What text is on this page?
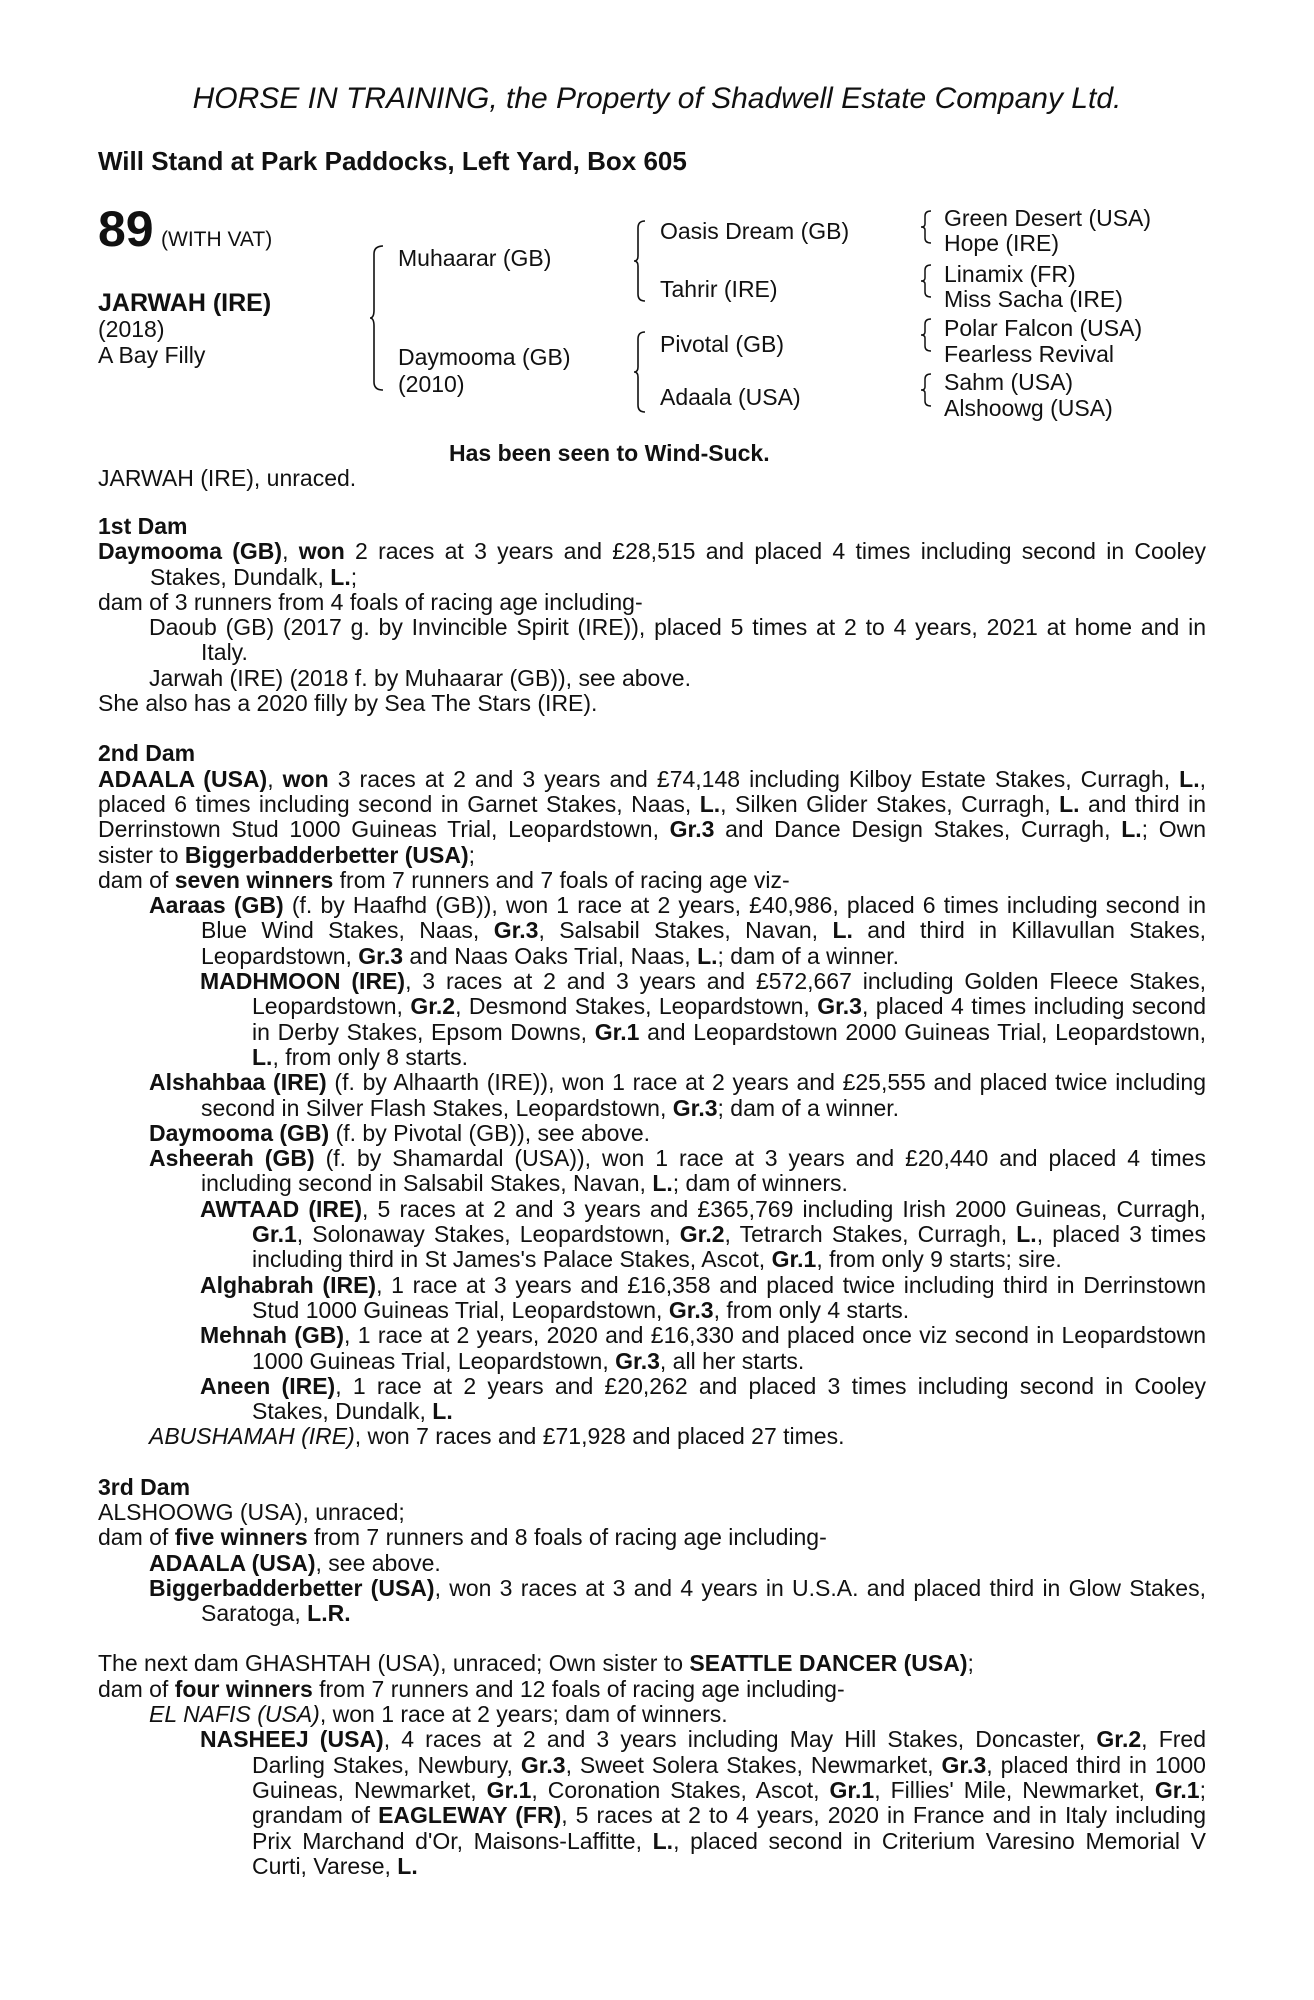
HORSE IN TRAINING, the Property of Shadwell Estate Company Ltd.
Will Stand at Park Paddocks, Left Yard, Box 605
89 (WITH VAT)
JARWAH (IRE)
(2018)
A Bay Filly
Muhaarar (GB)
Daymooma (GB)
(2010)
Oasis Dream (GB)
Tahrir (IRE)
Pivotal (GB)
Adaala (USA)
Green Desert (USA)
Hope (IRE)
Linamix (FR)
Miss Sacha (IRE)
Polar Falcon (USA)
Fearless Revival
Sahm (USA)
Alshoowg (USA)
Has been seen to Wind-Suck.
JARWAH (IRE), unraced.

1st Dam

Daymooma (GB), won 2 races at 3 years and £28,515 and placed 4 times including second in Cooley Stakes, Dundalk, L.;

dam of 3 runners from 4 foals of racing age including-

Daoub (GB) (2017 g. by Invincible Spirit (IRE)), placed 5 times at 2 to 4 years, 2021 at home and in Italy.

Jarwah (IRE) (2018 f. by Muhaarar (GB)), see above.

She also has a 2020 filly by Sea The Stars (IRE).

2nd Dam

ADAALA (USA), won 3 races at 2 and 3 years and £74,148 including Kilboy Estate Stakes, Curragh, L., placed 6 times including second in Garnet Stakes, Naas, L., Silken Glider Stakes, Curragh, L. and third in Derrinstown Stud 1000 Guineas Trial, Leopardstown, Gr.3 and Dance Design Stakes, Curragh, L.; Own sister to Biggerbadderbetter (USA);

dam of seven winners from 7 runners and 7 foals of racing age viz-

Aaraas (GB) (f. by Haafhd (GB)), won 1 race at 2 years, £40,986, placed 6 times including second in Blue Wind Stakes, Naas, Gr.3, Salsabil Stakes, Navan, L. and third in Killavullan Stakes, Leopardstown, Gr.3 and Naas Oaks Trial, Naas, L.; dam of a winner.

MADHMOON (IRE), 3 races at 2 and 3 years and £572,667 including Golden Fleece Stakes, Leopardstown, Gr.2, Desmond Stakes, Leopardstown, Gr.3, placed 4 times including second in Derby Stakes, Epsom Downs, Gr.1 and Leopardstown 2000 Guineas Trial, Leopardstown, L., from only 8 starts.

Alshahbaa (IRE) (f. by Alhaarth (IRE)), won 1 race at 2 years and £25,555 and placed twice including second in Silver Flash Stakes, Leopardstown, Gr.3; dam of a winner.

Daymooma (GB) (f. by Pivotal (GB)), see above.

Asheerah (GB) (f. by Shamardal (USA)), won 1 race at 3 years and £20,440 and placed 4 times including second in Salsabil Stakes, Navan, L.; dam of winners.

AWTAAD (IRE), 5 races at 2 and 3 years and £365,769 including Irish 2000 Guineas, Curragh, Gr.1, Solonaway Stakes, Leopardstown, Gr.2, Tetrarch Stakes, Curragh, L., placed 3 times including third in St James's Palace Stakes, Ascot, Gr.1, from only 9 starts; sire.

Alghabrah (IRE), 1 race at 3 years and £16,358 and placed twice including third in Derrinstown Stud 1000 Guineas Trial, Leopardstown, Gr.3, from only 4 starts.

Mehnah (GB), 1 race at 2 years, 2020 and £16,330 and placed once viz second in Leopardstown 1000 Guineas Trial, Leopardstown, Gr.3, all her starts.

Aneen (IRE), 1 race at 2 years and £20,262 and placed 3 times including second in Cooley Stakes, Dundalk, L.

ABUSHAMAH (IRE), won 7 races and £71,928 and placed 27 times.

3rd Dam

ALSHOOWG (USA), unraced;

dam of five winners from 7 runners and 8 foals of racing age including-

ADAALA (USA), see above.

Biggerbadderbetter (USA), won 3 races at 3 and 4 years in U.S.A. and placed third in Glow Stakes, Saratoga, L.R.

The next dam GHASHTAH (USA), unraced; Own sister to SEATTLE DANCER (USA);

dam of four winners from 7 runners and 12 foals of racing age including-

EL NAFIS (USA), won 1 race at 2 years; dam of winners.

NASHEEJ (USA), 4 races at 2 and 3 years including May Hill Stakes, Doncaster, Gr.2, Fred Darling Stakes, Newbury, Gr.3, Sweet Solera Stakes, Newmarket, Gr.3, placed third in 1000 Guineas, Newmarket, Gr.1, Coronation Stakes, Ascot, Gr.1, Fillies' Mile, Newmarket, Gr.1; grandam of EAGLEWAY (FR), 5 races at 2 to 4 years, 2020 in France and in Italy including Prix Marchand d'Or, Maisons-Laffitte, L., placed second in Criterium Varesino Memorial V Curti, Varese, L.
